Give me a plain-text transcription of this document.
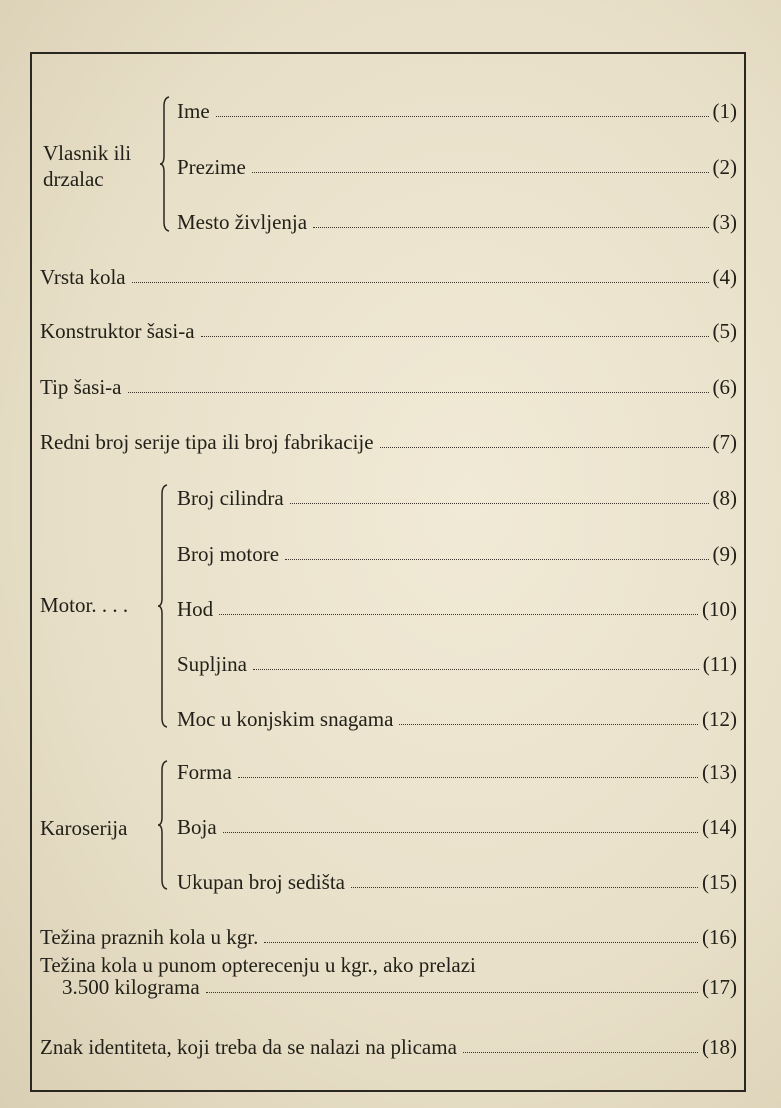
Vlasnik ili
drzalac
Ime	(1)
Prezime	(2)
Mesto življenja	(3)
Vrsta kola	(4)
Konstruktor šasi-a	(5)
Tip šasi-a	(6)
Redni broj serije tipa ili broj fabrikacije	(7)
Motor. . . .
Broj cilindra	(8)
Broj motore	(9)
Hod	(10)
Supljina	(11)
Moc u konjskim snagama	(12)
Karoserija
Forma	(13)
Boja	(14)
Ukupan broj sedišta	(15)
Težina praznih kola u kgr.	(16)
Težina kola u punom opterecenju u kgr., ako prelazi
3.500 kilograma	(17)
Znak identiteta, koji treba da se nalazi na plicama	(18)
